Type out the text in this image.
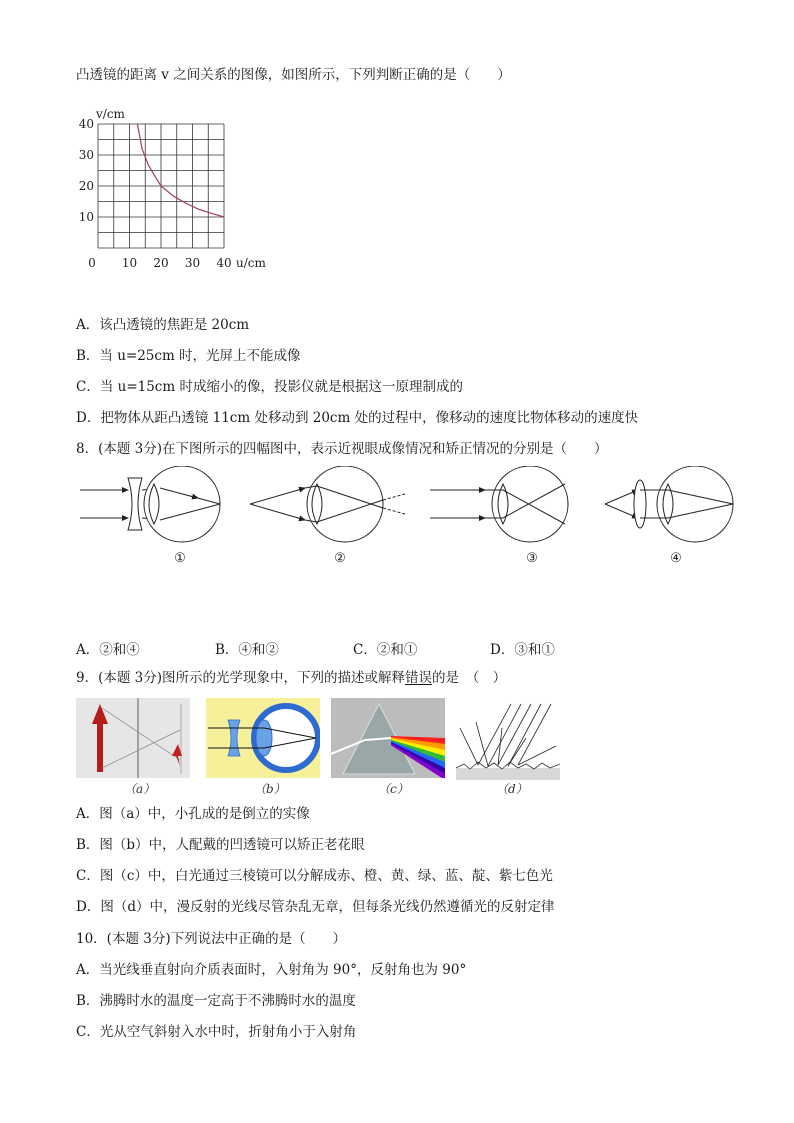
凸透镜的距离 v 之间关系的图像，如图所示，下列判断正确的是（　　）
0 10 20 30 40
10
20
30
40
u/cm
v/cm
A．该凸透镜的焦距是 20cm
B．当 u=25cm 时，光屏上不能成像
C．当 u=15cm 时成缩小的像，投影仪就是根据这一原理制成的
D．把物体从距凸透镜 11cm 处移动到 20cm 处的过程中，像移动的速度比物体移动的速度快
8．(本题 3分)在下图所示的四幅图中，表示近视眼成像情况和矫正情况的分别是（　　）
①	②	③	④
A．②和④	B．④和②	C．②和①	D．③和①
9．(本题 3分)图所示的光学现象中，下列的描述或解释错误的是　（　）
（a）	（b）	（c）	（d）
A．图（a）中，小孔成的是倒立的实像
B．图（b）中，人配戴的凹透镜可以矫正老花眼
C．图（c）中，白光通过三棱镜可以分解成赤、橙、黄、绿、蓝、靛、紫七色光
D．图（d）中，漫反射的光线尽管杂乱无章，但每条光线仍然遵循光的反射定律
10．(本题 3分)下列说法中正确的是（　　）
A．当光线垂直射向介质表面时，入射角为 90°，反射角也为 90°
B．沸腾时水的温度一定高于不沸腾时水的温度
C．光从空气斜射入水中时，折射角小于入射角
